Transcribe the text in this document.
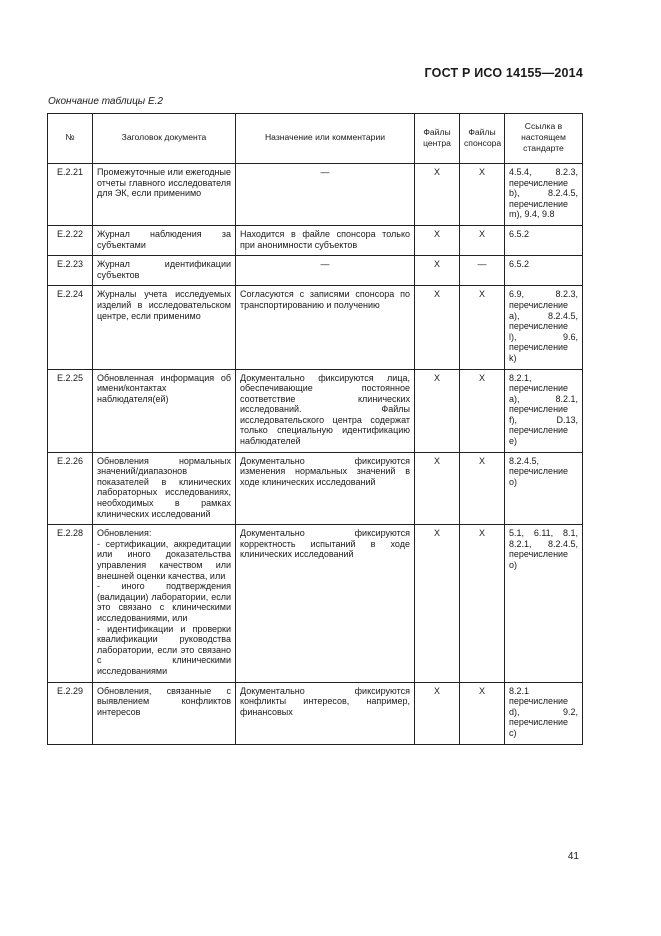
ГОСТ Р ИСО 14155—2014
Окончание таблицы Е.2
№	Заголовок документа	Назначение или комментарии	Файлы центра	Файлы спонсора	Ссылка в настоящем стандарте
Е.2.21	Промежуточные или ежегодные отчеты главного исследователя для ЭК, если применимо	—	X	X	4.5.4, 8.2.3, перечисление b), 8.2.4.5, перечисление m), 9.4, 9.8
Е.2.22	Журнал наблюдения за субъектами	Находится в файле спонсора только при анонимности субъектов	X	X	6.5.2
Е.2.23	Журнал идентификации субъектов	—	X	—	6.5.2
Е.2.24	Журналы учета исследуемых изделий в исследовательском центре, если применимо	Согласуются с записями спонсора по транспортированию и получению	X	X	6.9, 8.2.3, перечисление a), 8.2.4.5, перечисление l), 9.6, перечисление k)
Е.2.25	Обновленная информация об имени/контактах наблюдателя(ей)	Документально фиксируются лица, обеспечивающие постоянное соответствие клинических исследований. Файлы исследовательского центра содержат только специальную идентификацию наблюдателей	X	X	8.2.1, перечисление a), 8.2.1, перечисление f), D.13, перечисление e)
Е.2.26	Обновления нормальных значений/диапазонов показателей в клинических лабораторных исследованиях, необходимых в рамках клинических исследований	Документально фиксируются изменения нормальных значений в ходе клинических исследований	X	X	8.2.4.5, перечисление o)
Е.2.28	Обновления:
- сертификации, аккредитации или иного доказательства управления качеством или внешней оценки качества, или
- иного подтверждения (валидации) лаборатории, если это связано с клиническими исследованиями, или
- идентификации и проверки квалификации руководства лаборатории, если это связано с клиническими исследованиями	Документально фиксируются корректность испытаний в ходе клинических исследований	X	X	5.1, 6.11, 8.1, 8.2.1, 8.2.4.5, перечисление o)
Е.2.29	Обновления, связанные с выявлением конфликтов интересов	Документально фиксируются конфликты интересов, например, финансовых	X	X	8.2.1 перечисление d), 9.2, перечисление c)
41
